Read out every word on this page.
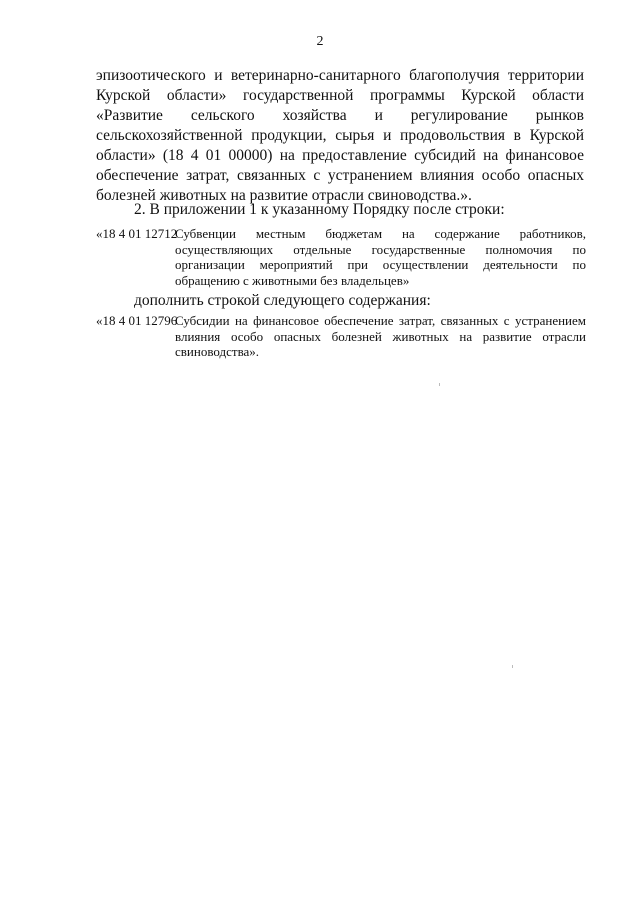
2

эпизоотического и ветеринарно-санитарного благополучия территории Курской области» государственной программы Курской области «Развитие сельского хозяйства и регулирование рынков сельскохозяйственной продукции, сырья и продовольствия в Курской области» (18 4 01 00000) на предоставление субсидий на финансовое обеспечение затрат, связанных с устранением влияния особо опасных болезней животных на развитие отрасли свиноводства.».

2. В приложении 1 к указанному Порядку после строки:

«18 4 01 12712

Субвенции местным бюджетам на содержание работников, осуществляющих отдельные государственные полномочия по организации мероприятий при осуществлении деятельности по обращению с животными без владельцев»

дополнить строкой следующего содержания:

«18 4 01 12796

Субсидии на финансовое обеспечение затрат, связанных с устранением влияния особо опасных болезней животных на развитие отрасли свиноводства».
